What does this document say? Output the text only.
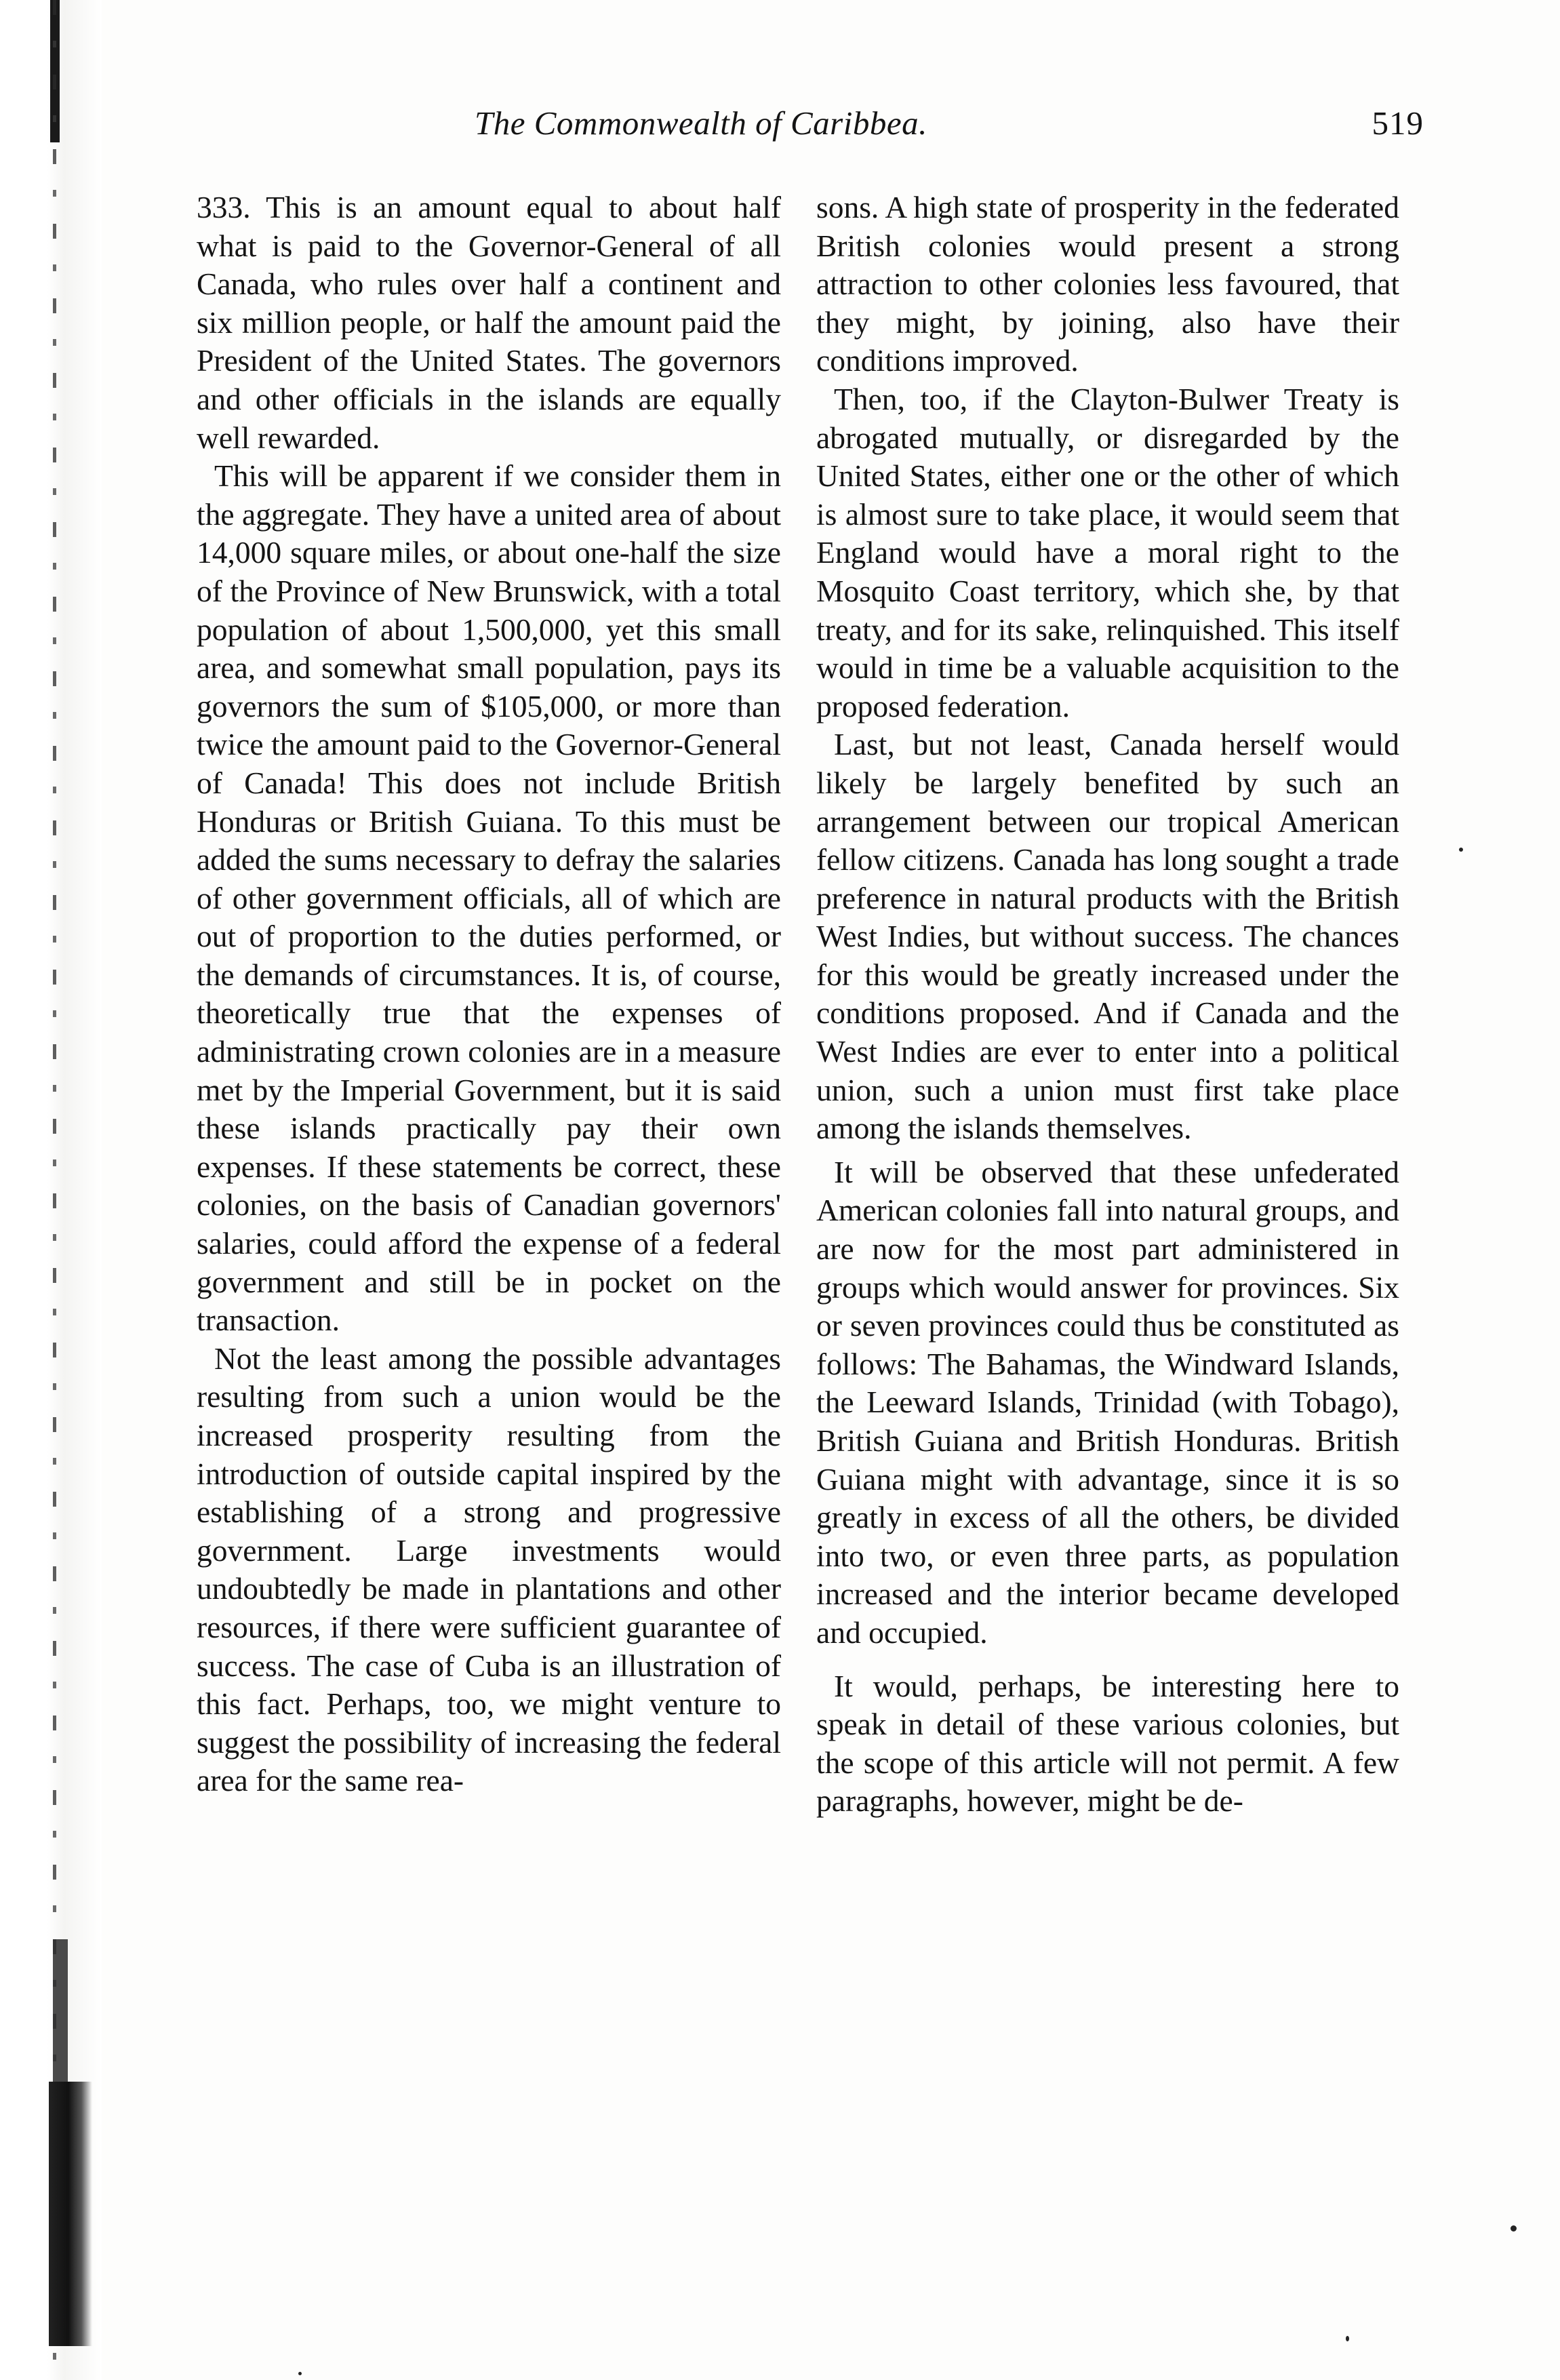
The Commonwealth of Caribbea.	519

333. This is an amount equal to about half what is paid to the Governor-General of all Canada, who rules over half a continent and six million people, or half the amount paid the President of the United States. The governors and other officials in the islands are equally well rewarded.

This will be apparent if we consider them in the aggregate. They have a united area of about 14,000 square miles, or about one-half the size of the Province of New Brunswick, with a total population of about 1,500,000, yet this small area, and somewhat small population, pays its governors the sum of $105,000, or more than twice the amount paid to the Governor-General of Canada! This does not include British Honduras or British Guiana. To this must be added the sums necessary to defray the salaries of other government officials, all of which are out of proportion to the duties performed, or the demands of circumstances. It is, of course, theoretically true that the expenses of administrating crown colonies are in a measure met by the Imperial Government, but it is said these islands practically pay their own expenses. If these statements be correct, these colonies, on the basis of Canadian governors' salaries, could afford the expense of a federal government and still be in pocket on the transaction.

Not the least among the possible advantages resulting from such a union would be the increased prosperity resulting from the introduction of outside capital inspired by the establishing of a strong and progressive government. Large investments would undoubtedly be made in plantations and other resources, if there were sufficient guarantee of success. The case of Cuba is an illustration of this fact. Perhaps, too, we might venture to suggest the possibility of increasing the federal area for the same rea-

sons. A high state of prosperity in the federated British colonies would present a strong attraction to other colonies less favoured, that they might, by joining, also have their conditions improved.

Then, too, if the Clayton-Bulwer Treaty is abrogated mutually, or disregarded by the United States, either one or the other of which is almost sure to take place, it would seem that England would have a moral right to the Mosquito Coast territory, which she, by that treaty, and for its sake, relinquished. This itself would in time be a valuable acquisition to the proposed federation.

Last, but not least, Canada herself would likely be largely benefited by such an arrangement between our tropical American fellow citizens. Canada has long sought a trade preference in natural products with the British West Indies, but without success. The chances for this would be greatly increased under the conditions proposed. And if Canada and the West Indies are ever to enter into a political union, such a union must first take place among the islands themselves.

It will be observed that these unfederated American colonies fall into natural groups, and are now for the most part administered in groups which would answer for provinces. Six or seven provinces could thus be constituted as follows: The Bahamas, the Windward Islands, the Leeward Islands, Trinidad (with Tobago), British Guiana and British Honduras. British Guiana might with advantage, since it is so greatly in excess of all the others, be divided into two, or even three parts, as population increased and the interior became developed and occupied.

It would, perhaps, be interesting here to speak in detail of these various colonies, but the scope of this article will not permit. A few paragraphs, however, might be de-
